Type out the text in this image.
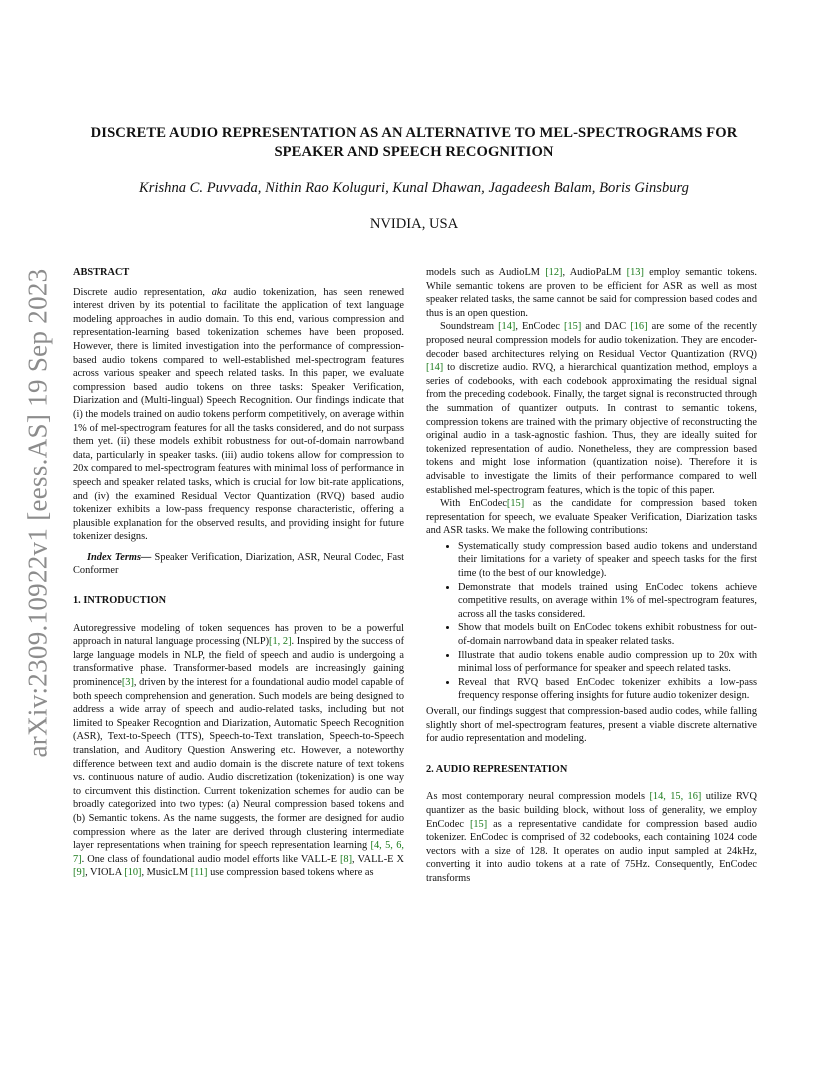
DISCRETE AUDIO REPRESENTATION AS AN ALTERNATIVE TO MEL-SPECTROGRAMS FOR SPEAKER AND SPEECH RECOGNITION

Krishna C. Puvvada, Nithin Rao Koluguri, Kunal Dhawan, Jagadeesh Balam, Boris Ginsburg

NVIDIA, USA

arXiv:2309.10922v1 [eess.AS] 19 Sep 2023 ABSTRACT

Discrete audio representation, aka audio tokenization, has seen renewed interest driven by its potential to facilitate the application of text language modeling approaches in audio domain. To this end, various compression and representation-learning based tokenization schemes have been proposed. However, there is limited investigation into the performance of compression-based audio tokens compared to well-established mel-spectrogram features across various speaker and speech related tasks. In this paper, we evaluate compression based audio tokens on three tasks: Speaker Verification, Diarization and (Multi-lingual) Speech Recognition. Our findings indicate that (i) the models trained on audio tokens perform competitively, on average within 1% of mel-spectrogram features for all the tasks considered, and do not surpass them yet. (ii) these models exhibit robustness for out-of-domain narrowband data, particularly in speaker tasks. (iii) audio tokens allow for compression to 20x compared to mel-spectrogram features with minimal loss of performance in speech and speaker related tasks, which is crucial for low bit-rate applications, and (iv) the examined Residual Vector Quantization (RVQ) based audio tokenizer exhibits a low-pass frequency response characteristic, offering a plausible explanation for the observed results, and providing insight for future tokenizer designs.

Index Terms— Speaker Verification, Diarization, ASR, Neural Codec, Fast Conformer

1. INTRODUCTION

Autoregressive modeling of token sequences has proven to be a powerful approach in natural language processing (NLP)[1, 2]. Inspired by the success of large language models in NLP, the field of speech and audio is undergoing a transformative phase. Transformer-based models are increasingly gaining prominence[3], driven by the interest for a foundational audio model capable of both speech comprehension and generation. Such models are being designed to address a wide array of speech and audio-related tasks, including but not limited to Speaker Recogntion and Diarization, Automatic Speech Recognition (ASR), Text-to-Speech (TTS), Speech-to-Text translation, Speech-to-Speech translation, and Auditory Question Answering etc. However, a noteworthy difference between text and audio domain is the discrete nature of text tokens vs. continuous nature of audio. Audio discretization (tokenization) is one way to circumvent this distinction. Current tokenization schemes for audio can be broadly categorized into two types: (a) Neural compression based tokens and (b) Semantic tokens. As the name suggests, the former are designed for audio compression where as the later are derived through clustering intermediate layer representations when training for speech representation learning [4, 5, 6, 7]. One class of foundational audio model efforts like VALL-E [8], VALL-E X [9], VIOLA [10], MusicLM [11] use compression based tokens where as

models such as AudioLM [12], AudioPaLM [13] employ semantic tokens. While semantic tokens are proven to be efficient for ASR as well as most speaker related tasks, the same cannot be said for compression based codes and thus is an open question.

Soundstream [14], EnCodec [15] and DAC [16] are some of the recently proposed neural compression models for audio tokenization. They are encoder-decoder based architectures relying on Residual Vector Quantization (RVQ) [14] to discretize audio. RVQ, a hierarchical quantization method, employs a series of codebooks, with each codebook approximating the residual signal from the preceding codebook. Finally, the target signal is reconstructed through the summation of quantizer outputs. In contrast to semantic tokens, compression tokens are trained with the primary objective of reconstructing the original audio in a task-agnostic fashion. Thus, they are ideally suited for tokenized representation of audio. Nonetheless, they are compression based tokens and might lose information (quantization noise). Therefore it is advisable to investigate the limits of their performance compared to well established mel-spectrogram features, which is the topic of this paper.

With EnCodec[15] as the candidate for compression based token representation for speech, we evaluate Speaker Verification, Diarization tasks and ASR tasks. We make the following contributions:

• Systematically study compression based audio tokens and understand their limitations for a variety of speaker and speech tasks for the first time (to the best of our knowledge).
• Demonstrate that models trained using EnCodec tokens achieve competitive results, on average within 1% of mel-spectrogram features, across all the tasks considered.
• Show that models built on EnCodec tokens exhibit robustness for out-of-domain narrowband data in speaker related tasks.
• Illustrate that audio tokens enable audio compression up to 20x with minimal loss of performance for speaker and speech related tasks.
• Reveal that RVQ based EnCodec tokenizer exhibits a low-pass frequency response offering insights for future audio tokenizer design.

Overall, our findings suggest that compression-based audio codes, while falling slightly short of mel-spectrogram features, present a viable discrete alternative for audio representation and modeling.

2. AUDIO REPRESENTATION

As most contemporary neural compression models [14, 15, 16] utilize RVQ quantizer as the basic building block, without loss of generality, we employ EnCodec [15] as a representative candidate for compression based audio tokenizer. EnCodec is comprised of 32 codebooks, each containing 1024 code vectors with a size of 128. It operates on audio input sampled at 24kHz, converting it into audio tokens at a rate of 75Hz. Consequently, EnCodec transforms
